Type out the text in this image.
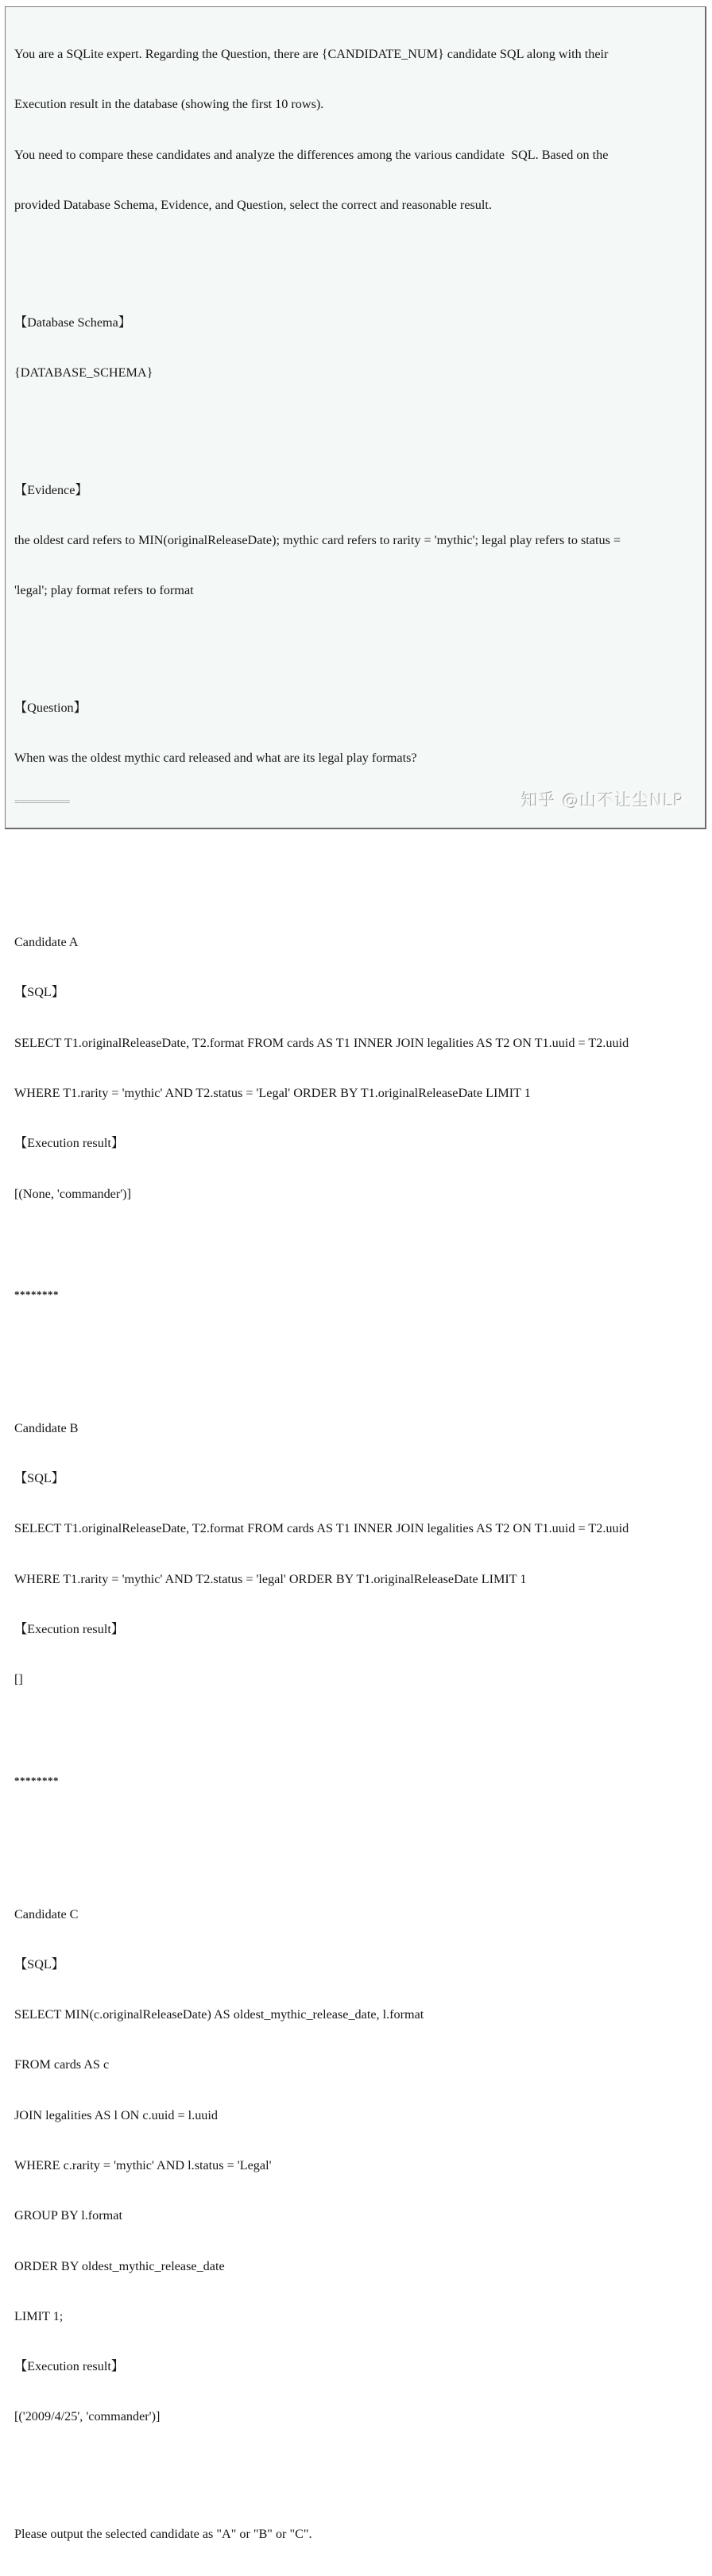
You are a SQLite expert. Regarding the Question, there are {CANDIDATE_NUM} candidate SQL along with their

Execution result in the database (showing the first 10 rows).

You need to compare these candidates and analyze the differences among the various candidate  SQL. Based on the

provided Database Schema, Evidence, and Question, select the correct and reasonable result.

【Database Schema】

{DATABASE_SCHEMA}

【Evidence】

the oldest card refers to MIN(originalReleaseDate); mythic card refers to rarity = 'mythic'; legal play refers to status =

'legal'; play format refers to format

【Question】

When was the oldest mythic card released and what are its legal play formats?

============

Candidate A

【SQL】

SELECT T1.originalReleaseDate, T2.format FROM cards AS T1 INNER JOIN legalities AS T2 ON T1.uuid = T2.uuid

WHERE T1.rarity = 'mythic' AND T2.status = 'Legal' ORDER BY T1.originalReleaseDate LIMIT 1

【Execution result】

[(None, 'commander')]

********

Candidate B

【SQL】

SELECT T1.originalReleaseDate, T2.format FROM cards AS T1 INNER JOIN legalities AS T2 ON T1.uuid = T2.uuid

WHERE T1.rarity = 'mythic' AND T2.status = 'legal' ORDER BY T1.originalReleaseDate LIMIT 1

【Execution result】

[]

********

Candidate C

【SQL】

SELECT MIN(c.originalReleaseDate) AS oldest_mythic_release_date, l.format

FROM cards AS c

JOIN legalities AS l ON c.uuid = l.uuid

WHERE c.rarity = 'mythic' AND l.status = 'Legal'

GROUP BY l.format

ORDER BY oldest_mythic_release_date

LIMIT 1;

【Execution result】

[('2009/4/25', 'commander')]

Please output the selected candidate as "A" or "B" or "C".

知乎 @山不让尘NLP
